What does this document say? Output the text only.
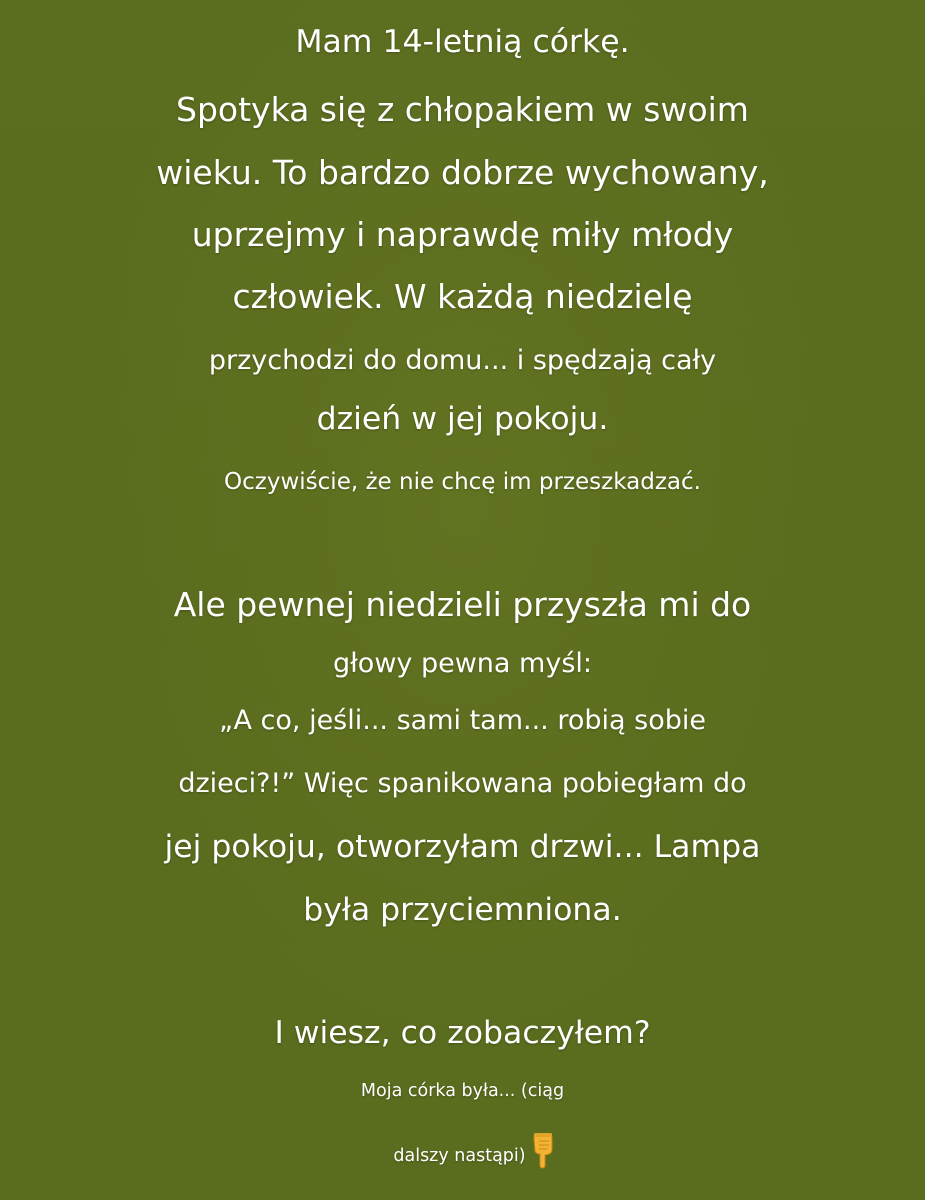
Mam 14-letnią córkę.
Spotyka się z chłopakiem w swoim
wieku. To bardzo dobrze wychowany,
uprzejmy i naprawdę miły młody
człowiek. W każdą niedzielę
przychodzi do domu... i spędzają cały
dzień w jej pokoju.
Oczywiście, że nie chcę im przeszkadzać.
Ale pewnej niedzieli przyszła mi do
głowy pewna myśl:
„A co, jeśli... sami tam... robią sobie
dzieci?!” Więc spanikowana pobiegłam do
jej pokoju, otworzyłam drzwi... Lampa
była przyciemniona.
I wiesz, co zobaczyłem?
Moja córka była... (ciąg
dalszy nastąpi)
